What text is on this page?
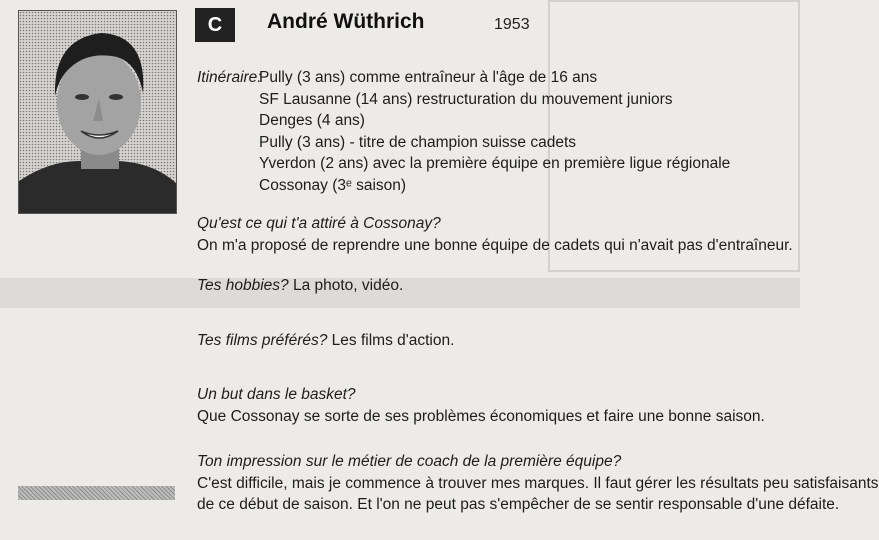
C	André Wüthrich	1953
Itinéraire:
Pully (3 ans) comme entraîneur à l'âge de 16 ans
SF Lausanne (14 ans) restructuration du mouvement juniors
Denges (4 ans)
Pully (3 ans) - titre de champion suisse cadets
Yverdon (2 ans) avec la première équipe en première ligue régionale
Cossonay (3ᵉ saison)
Qu'est ce qui t'a attiré à Cossonay?
On m'a proposé de reprendre une bonne équipe de cadets qui n'avait pas d'entraîneur.
Tes hobbies? La photo, vidéo.
Tes films préférés? Les films d'action.
Un but dans le basket?
Que Cossonay se sorte de ses problèmes économiques et faire une bonne saison.
Ton impression sur le métier de coach de la première équipe?
C'est difficile, mais je commence à trouver mes marques. Il faut gérer les résultats peu satisfaisants
de ce début de saison. Et l'on ne peut pas s'empêcher de se sentir responsable d'une défaite.
